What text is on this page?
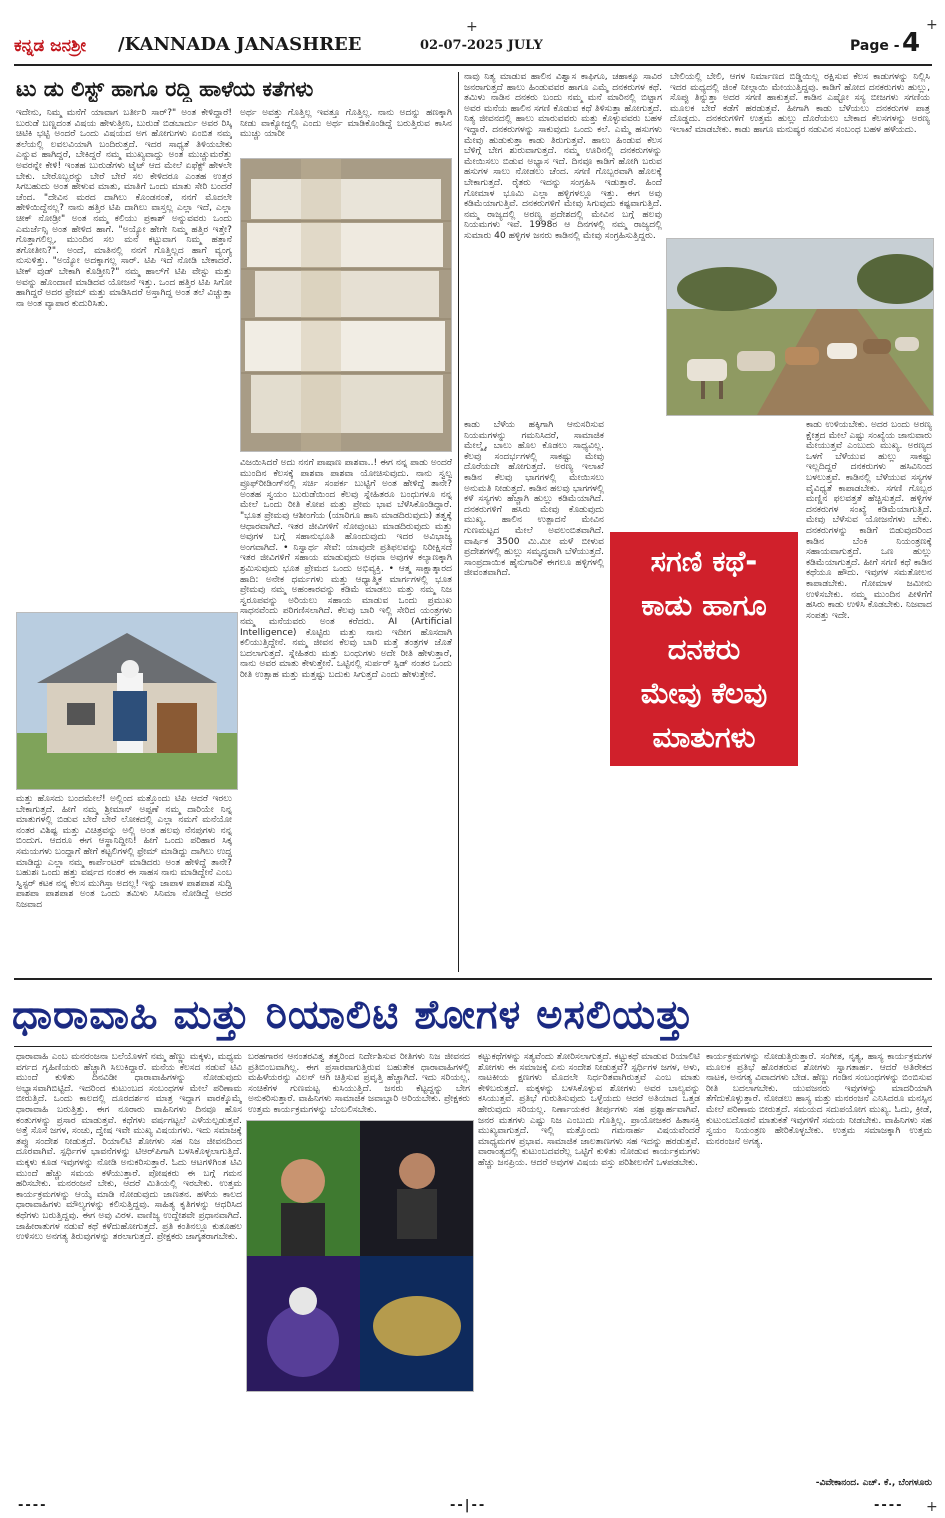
+	+
ಕನ್ನಡ ಜನಶ್ರೀ /KANNADA JANASHREE	02-07-2025 JULY	Page - 4
ಟು ಡು ಲಿಸ್ಟ್ ಹಾಗೂ ರದ್ದಿ ಹಾಳೆಯ ಕತೆಗಳು
ಇದೇನು, ನಿಮ್ಮ ಮನೆಗೆ ಯಾವಾಗ ಬರ್ತೀರಿ ಸಾರ್?" ಅಂತ ಕೇಳಿದ್ದಾರೆ! ಬುರುಡೆ ಬಣ್ಣದಂತ ವಿಷಯ ಹೇಳುತ್ತೀನಿ, ಬುರುಡೆ ಬಿಡಬಾರ್ದು ಅವರ ರಿಸ್ಕಿ ಚಿಟಿಕಿ ಭಟ್ಟಿ ಅಂದರೆ ಒಂದು ವಿಷಯದ ಅಗ ಹೋಗುಗಳು ಏಂಬಿತ ನಮ್ಮ ತಲೆಯಲ್ಲಿ ಲವಲವಿಯಾಗಿ ಬಂದಿರುತ್ತದೆ. ಇದರ ಸಾಧ್ಯತೆ ತಿಳಿಯಬೇಕು ಎನ್ನುವ ಹಾಗಿದ್ದರೆ, ಬೇಕಿದ್ದರೆ ನಮ್ಮ ಮುಖ್ಯವಾದ್ದು ಅಂತ ಮುಚ್ಚುಮರೆತ್ತು ಅವರನ್ನೇ ಕೇಳಿ! ಇಂತಹ ಬುರುಡೆಗಳು ಟೈಟ್ ಆದ ಮೇಲೆ ಏಫೆಕ್ಟ್ ಹೇಳಲೇ ಬೇಕು. ಬೇರೊಬ್ಬರನ್ನು ಬೇರೆ ಬೇರೆ ಸಲ ಕೇಳಿದರೂ ಎಂತಹ ಉತ್ತರ ಸಿಗಬಹುದು ಅಂತ ಹೇಳುವ ಮಾತು, ಮಾತಿಗೆ ಒಂದು ಮಾತು ಸೇರಿ ಬಂದರೆ ಚೆಂದ. "ದೇವಿನ ಮರದ ದಾಗಿಲು ಕೊಂಡನಂತೆ, ನನಗೆ ಮೊದಲೇ ಹೇಳಿಯಿದ್ದೆನಲ್ಲ? ನಾನು ಹತ್ತಿರ ಟಿಪಿ ದಾಗಿಲು ವಾಸ್ತಲ್ಲ ಎಲ್ಲಾ ಇದೆ, ಎಲ್ಲಾ ಚೀಕ್ ನೋಡ್ರೀ" ಅಂತ ನಮ್ಮ ಕಲಿಯು ಪ್ರಕಾಶ್ ಅನ್ನುವವರು ಒಂದು ಎಮರ್ಜೆನ್ಸಿ ಅಂತ ಹೇಳಿದ ಹಾಗೆ. "ಅಯ್ಯೋ ಹೇಗೇ ನಿಮ್ಮ ಹತ್ತಿರ ಇತ್ತೇ? ಗೊತ್ತಾಗಲಿಲ್ಲ, ಮುಂದಿನ ಸಲ ಮನೆ ಕಟ್ಟುವಾಗ ನಿಮ್ಮ ಹತ್ತಾನೆ ತಗೋತೀನಿ?". ಅಂದೆ, ಮಾತಿನಲ್ಲಿ ನನಗೆ ಗೊತ್ತಿಲ್ಲದ ಹಾಗೆ ವ್ಯಂಗ್ಯ ನುಸುಳಿತ್ತು. "ಅಯ್ಯೋ ಅದಕ್ಕಾಗಲ್ಲ ಸಾರ್. ಟಿಪಿ ಇದೆ ನೋಡಿ ಬೇಕಾದರೆ. ಟೀಕ್ ವುಡ್ ಬೇಕಾಗಿ ಕೊಡ್ತೀನಿ?" ನಮ್ಮ ಹಾಲ್‌ಗೆ ಟಿಪಿ ವೇಸ್ಟು ಮತ್ತು ಅವನ್ನು ಹೊಂದಾಣಿ ಮಾಡಿದವ ಯೋಜನೆ ಇತ್ತು. ಒಂದ ಹತ್ತಿರ ಟಿಪಿ ಸಿಗೋ ಹಾಗಿದ್ದರೆ ಅದರ ಫ್ರೇಮ್ ಮತ್ತು ಮಾಡಿಸಿದರೆ ಅಸ್ತಾಗಿದ್ದ ಅಂತ ತಲೆ ವಿಚ್ಚುತ್ತಾ ನಾ ಅಂತ ವ್ಯಾಪಾರ ಕುದುರಿಸಿತು.
ಅರ್ಥ ಅವತ್ತು ಗೊತ್ತಿಲ್ಲ ಇವತ್ತೂ ಗೊತ್ತಿಲ್ಲ. ನಾನು ಅದನ್ನು ಹಣಕ್ಕಾಗಿ ನೀಡು ವಾಕ್ಯೋದ್ದಲ್ಲಿ ಎಂದು ಅರ್ಥ ಮಾಡಿಕೊಂಡಿದ್ದೆ ಬರುತ್ತಿರುವ ಕಾಸಿನ ಮುಚ್ಚು ಯಾರೀ
ವಿಜಯಿಸಿದರೆ ಅದು ನನಗೆ ಪಾಷಾಣ ಪಾಶವಾ..! ಈಗ ನನ್ನ ಪಾಡು ಅಂದರೆ ಮುಂದಿನ ಕೆಲಸಕ್ಕೆ ಪಾಶವಾ ಪಾಶವಾ ಯೋಚಿಸುವುದು. ನಾನು ಸ್ವಲ್ಪ ಪ್ರೂಫ್‌ರೀಡಿಂಗ್‌ನಲ್ಲಿ ಸರ್ಚಿ ಸಂಪರ್ಕ ಬುಟ್ಟಿಗೆ ಅಂತ ಹೇಳಿದ್ದೆ ತಾನೇ? ಅಂತಹ ಸ್ವಯಂ ಬುರುಡೆಯಿಂದ ಕೆಲವು ಸ್ನೇಹಿತರೂ ಬಂಧುಗಳೂ ನನ್ನ ಮೇಲೆ ಒಂದು ರೀತಿ ಕೋಪ ಮತ್ತು ಪ್ರೇಮ ಭಾವ ಬೆಳೆಸಿಕೊಂಡಿದ್ದಾರೆ. "ಭೂತ ಪ್ರೇಮವು ಆಶೀಂಗೆಯ (ಯಾರಿಗೂ ಹಾನಿ ಮಾಡದಿರುವುದು) ತತ್ವಕ್ಕೆ ಆಧಾರವಾಗಿದೆ. ಇತರ ಜೀವಿಗಳಿಗೆ ನೋವುಂಟು ಮಾಡದಿರುವುದು ಮತ್ತು ಅವುಗಳ ಬಗ್ಗೆ ಸಹಾನುಭೂತಿ ಹೊಂದುವುದು ಇದರ ಅವಿಭಾಜ್ಯ ಅಂಗವಾಗಿದೆ. • ನಿಸ್ವಾರ್ಥ ಸೇವೆ: ಯಾವುದೇ ಪ್ರತಿಫಲವನ್ನು ನಿರೀಕ್ಷಿಸದೆ ಇತರ ಜೀವಿಗಳಿಗೆ ಸಹಾಯ ಮಾಡುವುದು ಅಥವಾ ಅವುಗಳ ಕಲ್ಯಾಣಕ್ಕಾಗಿ ಶ್ರಮಿಸುವುದು ಭೂತ ಪ್ರೇಮದ ಒಂದು ಅಭಿವ್ಯಕ್ತಿ. • ಆತ್ಮ ಸಾಕ್ಷಾತ್ಕಾರದ ಹಾದಿ: ಅನೇಕ ಧರ್ಮಗಳು ಮತ್ತು ಆಧ್ಯಾತ್ಮಿಕ ಮಾರ್ಗಗಳಲ್ಲಿ ಭೂತ ಪ್ರೇಮವು ನಮ್ಮ ಅಹಂಕಾರವನ್ನು ಕಡಿಮೆ ಮಾಡಲು ಮತ್ತು ನಮ್ಮ ನಿಜ ಸ್ವರೂಪವನ್ನು ಅರಿಯಲು ಸಹಾಯ ಮಾಡುವ ಒಂದು ಪ್ರಮುಖ ಸಾಧನವೆಂದು ಪರಿಗಣಿಸಲಾಗಿದೆ. ಕೆಲವು ಬಾರಿ ಇಲ್ಲಿ ಸೇರಿದ ಯಂತ್ರಗಳು ನಮ್ಮ ಮನೆಯವರು ಅಂತ ಕರೆದರು. AI (Artificial Intelligence) ಕೊಟ್ಟಿರು ಮತ್ತು ನಾನು ಇದೀಗ ಹೊಸದಾಗಿ ಕಲಿಯುತ್ತಿದ್ದೇನೆ. ನಮ್ಮ ಜೀವನ ಕೆಲವು ಬಾರಿ ಮತ್ತೆ ತಂತ್ರಗಳ ಜೊತೆ ಬದಲಾಗುತ್ತದೆ. ಸ್ನೇಹಿತರು ಮತ್ತು ಬಂಧುಗಳು ಅದೇ ರೀತಿ ಹೇಳುತ್ತಾರೆ, ನಾನು ಅವರ ಮಾತು ಕೇಳುತ್ತೇನೆ. ಒಟ್ಟಿನಲ್ಲಿ ಸುರ್ಪರ್ ಸ್ಪಿಡ್ ನಂತರ ಒಂದು ರೀತಿ ಉತ್ಸಾಹ ಮತ್ತು ಮತ್ತಷ್ಟು ಬದುಕು ಸಿಗುತ್ತದೆ ಎಂದು ಹೇಳುತ್ತೇನೆ.
ಮತ್ತು ಹೊಸದು ಬಂದಮೇಲೆ! ಅಲ್ಲಿಂದ ಮತ್ತೊಂದು ಟಿಪಿ ಆದರೆ ಇರಲು ಬೇಕಾಗುತ್ತದೆ. ಹೀಗೆ ನಮ್ಮ ಶ್ರೀಮಾನ್ ಅಪ್ಪಣೆ ನಮ್ಮ ದಾರಿಯೇ ನಿನ್ನ ಮಾತುಗಳಲ್ಲಿ ಬಿಡುವ ಬೇರೆ ಬೇರೆ ಲೋಕದಲ್ಲಿ ಎಲ್ಲಾ ನಮಗೆ ಮನೆಯೋ ನಂತರ ವಿಶಿಷ್ಟ ಮತ್ತು ವಿಚಿತ್ರವನ್ನು ಅಲ್ಲಿ ಅಂತ ಹಲವು ನೆನಪುಗಳು ನನ್ನ ಬಿಂದುಗ. ಆದರೂ ಈಗ ಆಸ್ಥಾನಿದ್ದೀನಿ! ಹೀಗೆ ಒಂದು ಪರಿಹಾರ ಸಿಕ್ಕ ಸಮಯಗಳು ಬಂದ್ದಾಗೆ ಹೇಗೆ ಕಟ್ಟಲಿಗಳಲ್ಲಿ ಫ್ರೇಮ್ ಮಾಡಿದ್ದು ದಾಗಿಲು ಉದ್ದ ಮಾಡಿದ್ದು ಎಲ್ಲಾ ನಮ್ಮ ಕಾರ್ಪೆಂಟರ್ ಮಾಡಿದರು ಅಂತ ಹೇಳಿದ್ದೆ ತಾನೇ? ಬಹುಶಃ ಒಂದು ಹತ್ತು ವರ್ಷದ ನಂತರ ಈ ಸಾಹಸ ನಾನು ಮಾಡಿದ್ದೇನೆ ಎಂಬ ಸ್ವಿಸ್ಟರ್ ಕಟಕ ನನ್ನ ಕೆಲಸ ಮುಗಿಸ್ತಾ ಅದಲ್ಲ! ಇನ್ನು ಜಾಪಾಳ ಪಾಶಪಾಶ ಸುದ್ದಿ ಪಾಶಪಾ ಪಾಶಪಾಶ ಅಂತ ಒಂದು ತಮಿಳು ಸಿನಿಮಾ ನೋಡಿದ್ದೆ ಅದರ ನಿಜವಾದ
ನಾವು ನಿತ್ಯ ಮಾಡುವ ಹಾಲಿನ ವಿಶ್ವಾಸ ಕಾಫಿಗೂ, ಚಹಾಕ್ಕೂ ಸಾವಿರ ಜನರಾಗುತ್ತದೆ ಹಾಲು ಹಿಂಡುವವರ ಹಾಗೂ ಎಮ್ಮೆ ದನಕರುಗಳ ಕಥೆ. ತಮಿಳು ನಾಡಿನ ದನಕರು ಬಂದು ನಮ್ಮ ಮನೆ ಮಾರಿನಲ್ಲಿ ಬಿಟ್ಟಾಗ ಅವರ ಮನೆಯ ಹಾಲಿನ ಸಗಣಿ ಕೊಡುವ ಕಥೆ ತಿಳಿಸುತ್ತಾ ಹೋಗುತ್ತದೆ. ನಿತ್ಯ ಜೀವನದಲ್ಲಿ ಹಾಲು ಮಾರುವವರು ಮತ್ತು ಕೊಳ್ಳುವವರು ಬಹಳ ಇದ್ದಾರೆ. ದನಕರುಗಳನ್ನು ಸಾಕುವುದು ಒಂದು ಕಲೆ. ಎಮ್ಮೆ ಹಸುಗಳು ಮೇವು ಹುಡುಕುತ್ತಾ ಕಾಡು ತಿರುಗುತ್ತವೆ. ಹಾಲು ಹಿಂಡುವ ಕೆಲಸ ಬೆಳಿಗ್ಗೆ ಬೇಗ ಶುರುವಾಗುತ್ತದೆ. ನಮ್ಮ ಊರಿನಲ್ಲಿ ದನಕರುಗಳನ್ನು ಮೇಯಿಸಲು ಬಿಡುವ ಅಭ್ಯಾಸ ಇದೆ. ದಿನವೂ ಕಾಡಿಗೆ ಹೋಗಿ ಬರುವ ಹಸುಗಳ ಸಾಲು ನೋಡಲು ಚೆಂದ. ಸಗಣಿ ಗೊಬ್ಬರವಾಗಿ ಹೊಲಕ್ಕೆ ಬೇಕಾಗುತ್ತದೆ. ರೈತರು ಇದನ್ನು ಸಂಗ್ರಹಿಸಿ ಇಡುತ್ತಾರೆ. ಹಿಂದೆ ಗೋಮಾಳ ಭೂಮಿ ಎಲ್ಲಾ ಹಳ್ಳಿಗಳಲ್ಲೂ ಇತ್ತು. ಈಗ ಅವು ಕಡಿಮೆಯಾಗುತ್ತಿವೆ. ದನಕರುಗಳಿಗೆ ಮೇವು ಸಿಗುವುದು ಕಷ್ಟವಾಗುತ್ತಿದೆ. ನಮ್ಮ ರಾಜ್ಯದಲ್ಲಿ ಅರಣ್ಯ ಪ್ರದೇಶದಲ್ಲಿ ಮೇವಿನ ಬಗ್ಗೆ ಹಲವು ನಿಯಮಗಳು ಇವೆ. 1998ರ ಆ ದಿನಗಳಲ್ಲಿ ನಮ್ಮ ರಾಜ್ಯದಲ್ಲಿ ಸುಮಾರು 40 ಹಳ್ಳಿಗಳ ಜನರು ಕಾಡಿನಲ್ಲಿ ಮೇವು ಸಂಗ್ರಹಿಸುತ್ತಿದ್ದರು.
ಬೇಲಿಯಲ್ಲಿ ಬೇಲಿ, ಆಗಳ ನಿರ್ಮಾಣದ ಬಿಡ್ಡಿಯಿಲ್ಲ ರಕ್ಷಿಸುವ ಕೆಲಸ ಕಾಡುಗಳನ್ನು ನಿಲ್ಲಿಸಿ ಇದರ ಮಧ್ಯದಲ್ಲಿ ಜಿಂಕೆ ನೀಲ್ಗಾಯಿ ಮೇಯುತ್ತಿದ್ದವು. ಕಾಡಿಗೆ ಹೋದ ದನಕರುಗಳು ಹುಲ್ಲು, ಸೊಪ್ಪು ತಿನ್ನುತ್ತಾ ಅದರ ಸಗಣಿ ಹಾಕುತ್ತವೆ. ಕಾಡಿನ ಎಷ್ಟೋ ಸಸ್ಯ ಬೀಜಗಳು ಸಗಣಿಯ ಮೂಲಕ ಬೇರೆ ಕಡೆಗೆ ಹರಡುತ್ತವೆ. ಹೀಗಾಗಿ ಕಾಡು ಬೆಳೆಯಲು ದನಕರುಗಳ ಪಾತ್ರ ದೊಡ್ಡದು. ದನಕರುಗಳಿಗೆ ಉತ್ತಮ ಹುಲ್ಲು ದೊರೆಯಲು ಬೇಕಾದ ಕೆಲಸಗಳನ್ನು ಅರಣ್ಯ ಇಲಾಖೆ ಮಾಡಬೇಕು. ಕಾಡು ಹಾಗೂ ಮನುಷ್ಯರ ನಡುವಿನ ಸಂಬಂಧ ಬಹಳ ಹಳೆಯದು.
ಕಾಡು ಬೆಳೆಯ ಹಕ್ಕಿಗಾಗಿ ಆನುಸರಿಸುವ ನಿಯಮಗಳನ್ನು ಗಮನಿಸಿದರೆ, ಸಾಮಾಜಿಕ ಮೇಲ್ಮೈ, ಬಾಲು ಹೊಲ ಕೊಡಲು ಸಾಧ್ಯವಿಲ್ಲ. ಕೆಲವು ಸಂದರ್ಭಗಳಲ್ಲಿ ಸಾಕಷ್ಟು ಮೇವು ದೊರೆಯದೇ ಹೋಗುತ್ತದೆ. ಅರಣ್ಯ ಇಲಾಖೆ ಕಾಡಿನ ಕೆಲವು ಭಾಗಗಳಲ್ಲಿ ಮೇಯಿಸಲು ಅನುಮತಿ ನೀಡುತ್ತದೆ. ಕಾಡಿನ ಹಲವು ಭಾಗಗಳಲ್ಲಿ ಕಳೆ ಸಸ್ಯಗಳು ಹೆಚ್ಚಾಗಿ ಹುಲ್ಲು ಕಡಿಮೆಯಾಗಿದೆ. ದನಕರುಗಳಿಗೆ ಹಸಿರು ಮೇವು ಕೊಡುವುದು ಮುಖ್ಯ. ಹಾಲಿನ ಉತ್ಪಾದನೆ ಮೇವಿನ ಗುಣಮಟ್ಟದ ಮೇಲೆ ಅವಲಂಬಿತವಾಗಿದೆ. ವಾರ್ಷಿಕ 3500 ಮಿ.ಮೀ ಮಳೆ ಬೀಳುವ ಪ್ರದೇಶಗಳಲ್ಲಿ ಹುಲ್ಲು ಸಮೃದ್ಧವಾಗಿ ಬೆಳೆಯುತ್ತದೆ. ಸಾಂಪ್ರದಾಯಿಕ ಹೈನುಗಾರಿಕೆ ಈಗಲೂ ಹಳ್ಳಿಗಳಲ್ಲಿ ಜೀವಂತವಾಗಿದೆ.
ಕಾಡು ಉಳಿಯಬೇಕು. ಅದರ ಬಂದು ಅರಣ್ಯ ಕ್ಷೇತ್ರದ ಮೇಲೆ ಎಷ್ಟು ಸಂಖ್ಯೆಯ ಜಾನುವಾರು ಮೇಯುತ್ತವೆ ಎಂಬುದು ಮುಖ್ಯ. ಅರಣ್ಯದ ಒಳಗೆ ಬೆಳೆಯುವ ಹುಲ್ಲು ಸಾಕಷ್ಟು ಇಲ್ಲದಿದ್ದರೆ ದನಕರುಗಳು ಹಸಿವಿನಿಂದ ಬಳಲುತ್ತವೆ. ಕಾಡಿನಲ್ಲಿ ಬೆಳೆಯುವ ಸಸ್ಯಗಳ ವೈವಿಧ್ಯತೆ ಕಾಪಾಡಬೇಕು. ಸಗಣಿ ಗೊಬ್ಬರ ಮಣ್ಣಿನ ಫಲವತ್ತತೆ ಹೆಚ್ಚಿಸುತ್ತದೆ. ಹಳ್ಳಿಗಳ ದನಕರುಗಳ ಸಂಖ್ಯೆ ಕಡಿಮೆಯಾಗುತ್ತಿದೆ. ಮೇವು ಬೆಳೆಸುವ ಯೋಜನೆಗಳು ಬೇಕು. ದನಕರುಗಳನ್ನು ಕಾಡಿಗೆ ಬಿಡುವುದರಿಂದ ಕಾಡಿನ ಬೆಂಕಿ ನಿಯಂತ್ರಣಕ್ಕೆ ಸಹಾಯವಾಗುತ್ತದೆ. ಒಣ ಹುಲ್ಲು ಕಡಿಮೆಯಾಗುತ್ತದೆ. ಹೀಗೆ ಸಗಣಿ ಕಥೆ ಕಾಡಿನ ಕಥೆಯೂ ಹೌದು. ಇವುಗಳ ಸಮತೋಲನ ಕಾಪಾಡಬೇಕು. ಗೋಮಾಳ ಜಮೀನು ಉಳಿಸಬೇಕು. ನಮ್ಮ ಮುಂದಿನ ಪೀಳಿಗೆಗೆ ಹಸಿರು ಕಾಡು ಉಳಿಸಿ ಕೊಡಬೇಕು. ನಿಜವಾದ ಸಂಪತ್ತು ಇದೇ.
ಸಗಣಿ ಕಥೆ-
ಕಾಡು ಹಾಗೂ
ದನಕರು
ಮೇವು ಕೆಲವು
ಮಾತುಗಳು
ಧಾರಾವಾಹಿ ಮತ್ತು ರಿಯಾಲಿಟಿ ಶೋಗಳ ಅಸಲಿಯತ್ತು
ಧಾರಾವಾಹಿ ಎಂಬ ಮನರಂಜನಾ ಬಲೆಯೊಳಗೆ ನಮ್ಮ ಹೆಣ್ಣು ಮಕ್ಕಳು, ಮಧ್ಯಮ ವರ್ಗದ ಗೃಹಿಣಿಯರು ಹೆಚ್ಚಾಗಿ ಸಿಲುಕಿದ್ದಾರೆ. ಮನೆಯ ಕೆಲಸದ ನಡುವೆ ಟಿವಿ ಮುಂದೆ ಕುಳಿತು ದಿನವಿಡೀ ಧಾರಾವಾಹಿಗಳನ್ನು ನೋಡುವುದು ಅಭ್ಯಾಸವಾಗಿಬಿಟ್ಟಿದೆ. ಇದರಿಂದ ಕುಟುಂಬದ ಸಂಬಂಧಗಳ ಮೇಲೆ ಪರಿಣಾಮ ಬೀರುತ್ತಿದೆ. ಒಂದು ಕಾಲದಲ್ಲಿ ದೂರದರ್ಶನ ಮಾತ್ರ ಇದ್ದಾಗ ವಾರಕ್ಕೊಮ್ಮೆ ಧಾರಾವಾಹಿ ಬರುತ್ತಿತ್ತು. ಈಗ ನೂರಾರು ವಾಹಿನಿಗಳು ದಿನವೂ ಹೊಸ ಕಂತುಗಳನ್ನು ಪ್ರಸಾರ ಮಾಡುತ್ತವೆ. ಕಥೆಗಳು ವರ್ಷಗಟ್ಟಲೆ ಎಳೆಯಲ್ಪಡುತ್ತವೆ. ಅತ್ತೆ ಸೊಸೆ ಜಗಳ, ಸಂಚು, ದ್ವೇಷ ಇವೇ ಮುಖ್ಯ ವಿಷಯಗಳು. ಇದು ಸಮಾಜಕ್ಕೆ ತಪ್ಪು ಸಂದೇಶ ನೀಡುತ್ತದೆ. ರಿಯಾಲಿಟಿ ಶೋಗಳು ಸಹ ನಿಜ ಜೀವನದಿಂದ ದೂರವಾಗಿವೆ. ಸ್ಪರ್ಧಿಗಳ ಭಾವನೆಗಳನ್ನು ಟಿಆರ್‌ಪಿಗಾಗಿ ಬಳಸಿಕೊಳ್ಳಲಾಗುತ್ತಿದೆ. ಮಕ್ಕಳು ಕೂಡ ಇವುಗಳನ್ನು ನೋಡಿ ಅನುಕರಿಸುತ್ತಾರೆ. ಓದು ಆಟಗಳಿಗಿಂತ ಟಿವಿ ಮುಂದೆ ಹೆಚ್ಚು ಸಮಯ ಕಳೆಯುತ್ತಾರೆ. ಪೋಷಕರು ಈ ಬಗ್ಗೆ ಗಮನ ಹರಿಸಬೇಕು. ಮನರಂಜನೆ ಬೇಕು, ಆದರೆ ಮಿತಿಯಲ್ಲಿ ಇರಬೇಕು. ಉತ್ತಮ ಕಾರ್ಯಕ್ರಮಗಳನ್ನು ಆಯ್ಕೆ ಮಾಡಿ ನೋಡುವುದು ಜಾಣತನ. ಹಳೆಯ ಕಾಲದ ಧಾರಾವಾಹಿಗಳು ಮೌಲ್ಯಗಳನ್ನು ಕಲಿಸುತ್ತಿದ್ದವು. ಸಾಹಿತ್ಯ ಕೃತಿಗಳನ್ನು ಆಧರಿಸಿದ ಕಥೆಗಳು ಬರುತ್ತಿದ್ದವು. ಈಗ ಅವು ವಿರಳ. ವಾಣಿಜ್ಯ ಉದ್ದೇಶವೇ ಪ್ರಧಾನವಾಗಿದೆ. ಜಾಹೀರಾತುಗಳ ನಡುವೆ ಕಥೆ ಕಳೆದುಹೋಗುತ್ತದೆ. ಪ್ರತಿ ಕಂತಿನಲ್ಲೂ ಕುತೂಹಲ ಉಳಿಸಲು ಅನಗತ್ಯ ತಿರುವುಗಳನ್ನು ತರಲಾಗುತ್ತದೆ. ಪ್ರೇಕ್ಷಕರು ಜಾಗೃತರಾಗಬೇಕು.
ಬರಹಗಾರನ ಆನಂತರವಿತ್ವ ತತ್ವರಿಂದ ನಿರ್ದೇಶಿಸುವ ರೀತಿಗಳು ನಿಜ ಜೀವನದ ಪ್ರತಿಬಿಂಬವಾಗಿಲ್ಲ. ಈಗ ಪ್ರಸಾರವಾಗುತ್ತಿರುವ ಬಹುತೇಕ ಧಾರಾವಾಹಿಗಳಲ್ಲಿ ಮಹಿಳೆಯರನ್ನು ವಿಲನ್ ಆಗಿ ಚಿತ್ರಿಸುವ ಪ್ರವೃತ್ತಿ ಹೆಚ್ಚಾಗಿದೆ. ಇದು ಸರಿಯಲ್ಲ. ಸಂಚಿಕೆಗಳ ಗುಣಮಟ್ಟ ಕುಸಿಯುತ್ತಿದೆ. ಜನರು ಕೆಟ್ಟದ್ದನ್ನು ಬೇಗ ಅನುಕರಿಸುತ್ತಾರೆ. ವಾಹಿನಿಗಳು ಸಾಮಾಜಿಕ ಜವಾಬ್ದಾರಿ ಅರಿಯಬೇಕು. ಪ್ರೇಕ್ಷಕರು ಉತ್ತಮ ಕಾರ್ಯಕ್ರಮಗಳನ್ನು ಬೆಂಬಲಿಸಬೇಕು.
ಕಟ್ಟುಕಥೆಗಳನ್ನು ಸತ್ಯವೆಂದು ತೋರಿಸಲಾಗುತ್ತದೆ. ಕಟ್ಟುಕಥೆ ಮಾಡುವ ರಿಯಾಲಿಟಿ ಶೋಗಳು ಈ ಸಮಾಜಕ್ಕೆ ಏನು ಸಂದೇಶ ನೀಡುತ್ತವೆ? ಸ್ಪರ್ಧಿಗಳ ಜಗಳ, ಅಳು, ನಾಟಕೀಯ ಕ್ಷಣಗಳು ಮೊದಲೇ ನಿರ್ಧರಿತವಾಗಿರುತ್ತವೆ ಎಂಬ ಮಾತು ಕೇಳಿಬರುತ್ತದೆ. ಮಕ್ಕಳನ್ನು ಬಳಸಿಕೊಳ್ಳುವ ಶೋಗಳು ಅವರ ಬಾಲ್ಯವನ್ನು ಕಸಿಯುತ್ತವೆ. ಪ್ರತಿಭೆ ಗುರುತಿಸುವುದು ಒಳ್ಳೆಯದು ಆದರೆ ಅತಿಯಾದ ಒತ್ತಡ ಹೇರುವುದು ಸರಿಯಲ್ಲ. ನಿರ್ಣಾಯಕರ ತೀರ್ಪುಗಳು ಸಹ ಪ್ರಶ್ನಾರ್ಹವಾಗಿವೆ. ಜನರ ಮತಗಳು ಎಷ್ಟು ನಿಜ ಎಂಬುದು ಗೊತ್ತಿಲ್ಲ. ಪ್ರಾಯೋಜಕರ ಹಿತಾಸಕ್ತಿ ಮುಖ್ಯವಾಗುತ್ತದೆ. ಇಲ್ಲಿ ಮತ್ತೊಂದು ಗಮನಾರ್ಹ ವಿಷಯವೆಂದರೆ ಮಾಧ್ಯಮಗಳ ಪ್ರಭಾವ. ಸಾಮಾಜಿಕ ಜಾಲತಾಣಗಳು ಸಹ ಇದನ್ನು ಹರಡುತ್ತವೆ. ವಾರಾಂತ್ಯದಲ್ಲಿ ಕುಟುಂಬದವರೆಲ್ಲ ಒಟ್ಟಿಗೆ ಕುಳಿತು ನೋಡುವ ಕಾರ್ಯಕ್ರಮಗಳು ಹೆಚ್ಚು ಜನಪ್ರಿಯ. ಆದರೆ ಅವುಗಳ ವಿಷಯ ವಸ್ತು ಪರಿಶೀಲನೆಗೆ ಒಳಪಡಬೇಕು.
ಕಾರ್ಯಕ್ರಮಗಳನ್ನು ನೋಡುತ್ತಿರುತ್ತಾರೆ. ಸಂಗೀತ, ನೃತ್ಯ, ಹಾಸ್ಯ ಕಾರ್ಯಕ್ರಮಗಳ ಮೂಲಕ ಪ್ರತಿಭೆ ಹೊರತರುವ ಶೋಗಳು ಸ್ವಾಗತಾರ್ಹ. ಆದರೆ ಅತಿರೇಕದ ನಾಟಕ, ಅನಗತ್ಯ ವಿವಾದಗಳು ಬೇಡ. ಹೆಣ್ಣು ಗಂಡಿನ ಸಂಬಂಧಗಳನ್ನು ಬಿಂಬಿಸುವ ರೀತಿ ಬದಲಾಗಬೇಕು. ಯುವಜನರು ಇವುಗಳನ್ನು ಮಾದರಿಯಾಗಿ ತೆಗೆದುಕೊಳ್ಳುತ್ತಾರೆ. ನೋಡಲು ಹಾಸ್ಯ ಮತ್ತು ಮನರಂಜನೆ ಎನಿಸಿದರೂ ಮನಸ್ಸಿನ ಮೇಲೆ ಪರಿಣಾಮ ಬೀರುತ್ತದೆ. ಸಮಯದ ಸದುಪಯೋಗ ಮುಖ್ಯ. ಓದು, ಕ್ರೀಡೆ, ಕುಟುಂಬದೊಡನೆ ಮಾತುಕತೆ ಇವುಗಳಿಗೆ ಸಮಯ ನೀಡಬೇಕು. ವಾಹಿನಿಗಳು ಸಹ ಸ್ವಯಂ ನಿಯಂತ್ರಣ ಹೇರಿಕೊಳ್ಳಬೇಕು. ಉತ್ತಮ ಸಮಾಜಕ್ಕಾಗಿ ಉತ್ತಮ ಮನರಂಜನೆ ಅಗತ್ಯ.
-ವಿವೇಕಾನಂದ. ಎಚ್. ಕೆ., ಬೆಂಗಳೂರು
----	--|--	---- +
